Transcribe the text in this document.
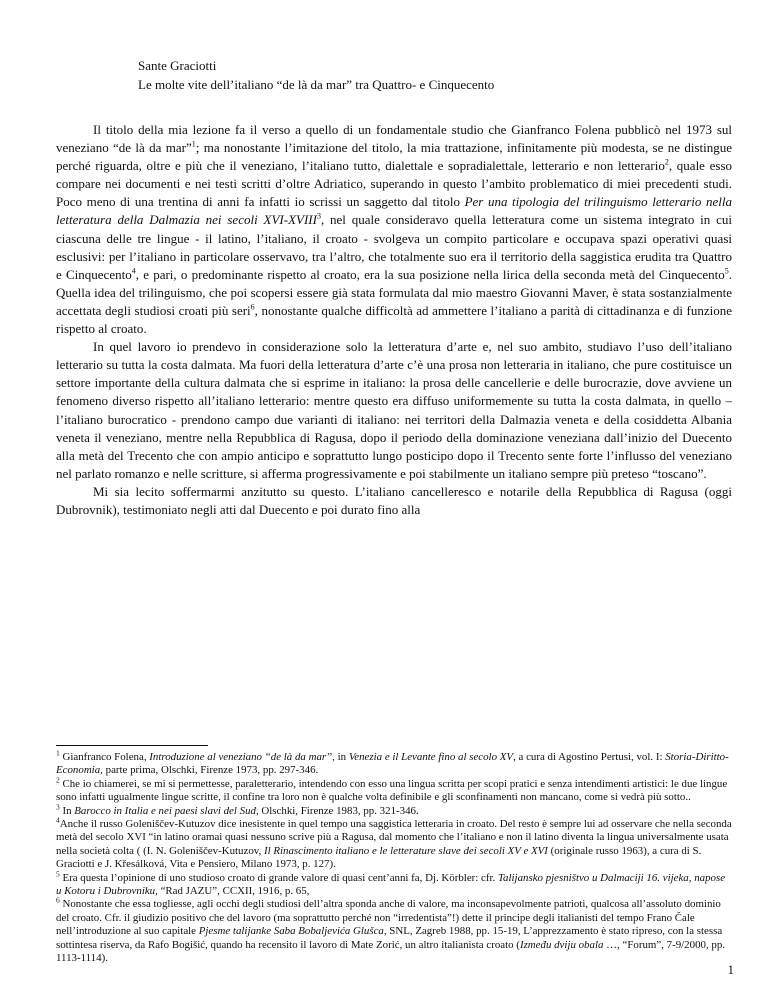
Sante Graciotti
Le molte vite dell’italiano “de là da mar” tra Quattro- e Cinquecento

Il titolo della mia lezione fa il verso a quello di un fondamentale studio che Gianfranco Folena pubblicò nel 1973 sul veneziano “de là da mar”$^1$; ma nonostante l’imitazione del titolo, la mia trattazione, infinitamente più modesta, se ne distingue perché riguarda, oltre e più che il veneziano, l’italiano tutto, dialettale e sopradialettale, letterario e non letterario$^2$, quale esso compare nei documenti e nei testi scritti d’oltre Adriatico, superando in questo l’ambito problematico di miei precedenti studi. Poco meno di una trentina di anni fa infatti io scrissi un saggetto dal titolo Per una tipologia del trilinguismo letterario nella letteratura della Dalmazia nei secoli XVI-XVIII$^3$, nel quale consideravo quella letteratura come un sistema integrato in cui ciascuna delle tre lingue - il latino, l’italiano, il croato - svolgeva un compito particolare e occupava spazi operativi quasi esclusivi: per l’italiano in particolare osservavo, tra l’altro, che totalmente suo era il territorio della saggistica erudita tra Quattro e Cinquecento$^4$, e pari, o predominante rispetto al croato, era la sua posizione nella lirica della seconda metà del Cinquecento$^5$. Quella idea del trilinguismo, che poi scopersi essere già stata formulata dal mio maestro Giovanni Maver, è stata sostanzialmente accettata degli studiosi croati più seri$^6$, nonostante qualche difficoltà ad ammettere l’italiano a parità di cittadinanza e di funzione rispetto al croato.

In quel lavoro io prendevo in considerazione solo la letteratura d’arte e, nel suo ambito, studiavo l’uso dell’italiano letterario su tutta la costa dalmata. Ma fuori della letteratura d’arte c’è una prosa non letteraria in italiano, che pure costituisce un settore importante della cultura dalmata che si esprime in italiano: la prosa delle cancellerie e delle burocrazie, dove avviene un fenomeno diverso rispetto all’italiano letterario: mentre questo era diffuso uniformemente su tutta la costa dalmata, in quello – l’italiano burocratico - prendono campo due varianti di italiano: nei territori della Dalmazia veneta e della cosiddetta Albania veneta il veneziano, mentre nella Repubblica di Ragusa, dopo il periodo della dominazione veneziana dall’inizio del Duecento alla metà del Trecento che con ampio anticipo e soprattutto lungo posticipo dopo il Trecento sente forte l’influsso del veneziano nel parlato romanzo e nelle scritture, si afferma progressivamente e poi stabilmente un italiano sempre più preteso “toscano”.

Mi sia lecito soffermarmi anzitutto su questo. L’italiano cancelleresco e notarile della Repubblica di Ragusa (oggi Dubrovnik), testimoniato negli atti dal Duecento e poi durato fino alla

$^1$ Gianfranco Folena, Introduzione al veneziano “de là da mar”, in Venezia e il Levante fino al secolo XV, a cura di Agostino Pertusi, vol. I: Storia-Diritto-Economia, parte prima, Olschki, Firenze 1973, pp. 297-346.

$^2$ Che io chiamerei, se mi si permettesse, paraletterario, intendendo con esso una lingua scritta per scopi pratici e senza intendimenti artistici: le due lingue sono infatti ugualmente lingue scritte, il confine tra loro non è qualche volta definibile e gli sconfinamenti non mancano, come si vedrà più sotto..

$^3$ In Barocco in Italia e nei paesi slavi del Sud, Olschki, Firenze 1983, pp. 321-346.

$^4$Anche il russo Goleniščev-Kutuzov dice inesistente in quel tempo una saggistica letteraria in croato. Del resto è sempre lui ad osservare che nella seconda metà del secolo XVI “in latino oramai quasi nessuno scrive più a Ragusa, dal momento che l’italiano e non il latino diventa la lingua universalmente usata nella società colta ( (I. N. Goleniščev-Kutuzov, Il Rinascimento italiano e le letterature slave dei secoli XV e XVI (originale russo 1963), a cura di S. Graciotti e J. Křesálková, Vita e Pensiero, Milano 1973, p. 127).

$^5$ Era questa l’opinione di uno studioso croato di grande valore di quasi cent’anni fa, Dj. Körbler: cfr. Talijansko pjesništvo u Dalmaciji 16. vijeka, napose u Kotoru i Dubrovniku, “Rad JAZU”, CCXII, 1916, p. 65,

$^6$ Nonostante che essa togliesse, agli occhi degli studiosi dell’altra sponda anche di valore, ma inconsapevolmente patrioti, qualcosa all’assoluto dominio del croato. Cfr. il giudizio positivo che del lavoro (ma soprattutto perché non “irredentista”!) dette il principe degli italianisti del tempo Frano Čale nell’introduzione al suo capitale Pjesme talijanke Saba Bobaljevića Glušca, SNL, Zagreb 1988, pp. 15-19, L’apprezzamento è stato ripreso, con la stessa sottintesa riserva, da Rafo Bogišić, quando ha recensito il lavoro di Mate Zorić, un altro italianista croato (Između dviju obala …, “Forum”, 7-9/2000, pp. 1113-1114).

1
